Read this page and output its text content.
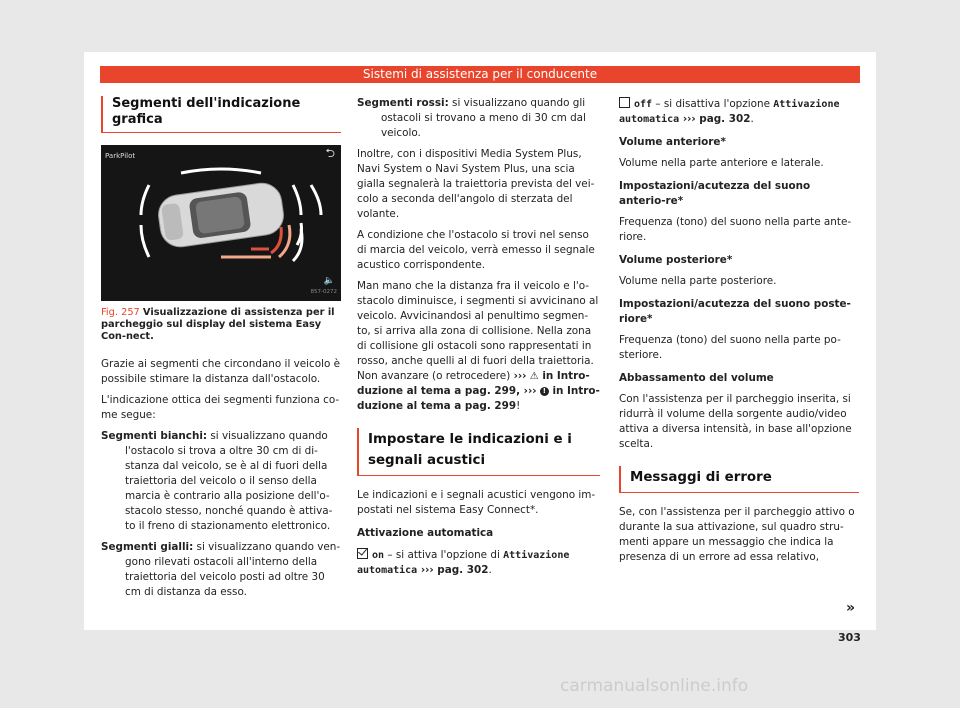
Sistemi di assistenza per il conducente
Segmenti dell'indicazione grafica
ParkPilot	⮌
857-0272
🔈
Fig. 257 Visualizzazione di assistenza per il parcheggio sul display del sistema Easy Con-nect.

Grazie ai segmenti che circondano il veicolo è possibile stimare la distanza dall'ostacolo.

L'indicazione ottica dei segmenti funziona co-me segue:

Segmenti bianchi: si visualizzano quando l'ostacolo si trova a oltre 30 cm di di-stanza dal veicolo, se è al di fuori della traiettoria del veicolo o il senso della marcia è contrario alla posizione dell'o-stacolo stesso, nonché quando è attiva-to il freno di stazionamento elettronico.

Segmenti gialli: si visualizzano quando ven-gono rilevati ostacoli all'interno della traiettoria del veicolo posti ad oltre 30 cm di distanza da esso.

Segmenti rossi: si visualizzano quando gli ostacoli si trovano a meno di 30 cm dal veicolo.

Inoltre, con i dispositivi Media System Plus, Navi System o Navi System Plus, una scia gialla segnalerà la traiettoria prevista del vei-colo a seconda dell'angolo di sterzata del volante.

A condizione che l'ostacolo si trovi nel senso di marcia del veicolo, verrà emesso il segnale acustico corrispondente.

Man mano che la distanza fra il veicolo e l'o-stacolo diminuisce, i segmenti si avvicinano al veicolo. Avvicinandosi al penultimo segmen-to, si arriva alla zona di collisione. Nella zona di collisione gli ostacoli sono rappresentati in rosso, anche quelli al di fuori della traiettoria. Non avanzare (o retrocedere) ››› ⚠ in Intro-duzione al tema a pag. 299, ››› ! in Intro-duzione al tema a pag. 299!

Impostare le indicazioni e i segnali acustici

Le indicazioni e i segnali acustici vengono im-postati nel sistema Easy Connect*.

Attivazione automatica

on – si attiva l'opzione di Attivazione automatica ››› pag. 302.

off – si disattiva l'opzione Attivazione automatica ››› pag. 302.

Volume anteriore*

Volume nella parte anteriore e laterale.

Impostazioni/acutezza del suono anterio-re*

Frequenza (tono) del suono nella parte ante-riore.

Volume posteriore*

Volume nella parte posteriore.

Impostazioni/acutezza del suono poste-riore*

Frequenza (tono) del suono nella parte po-steriore.

Abbassamento del volume

Con l'assistenza per il parcheggio inserita, si ridurrà il volume della sorgente audio/video attiva a diversa intensità, in base all'opzione scelta.

Messaggi di errore

Se, con l'assistenza per il parcheggio attivo o durante la sua attivazione, sul quadro stru-menti appare un messaggio che indica la presenza di un errore ad essa relativo,

»
303
carmanualsonline.info
